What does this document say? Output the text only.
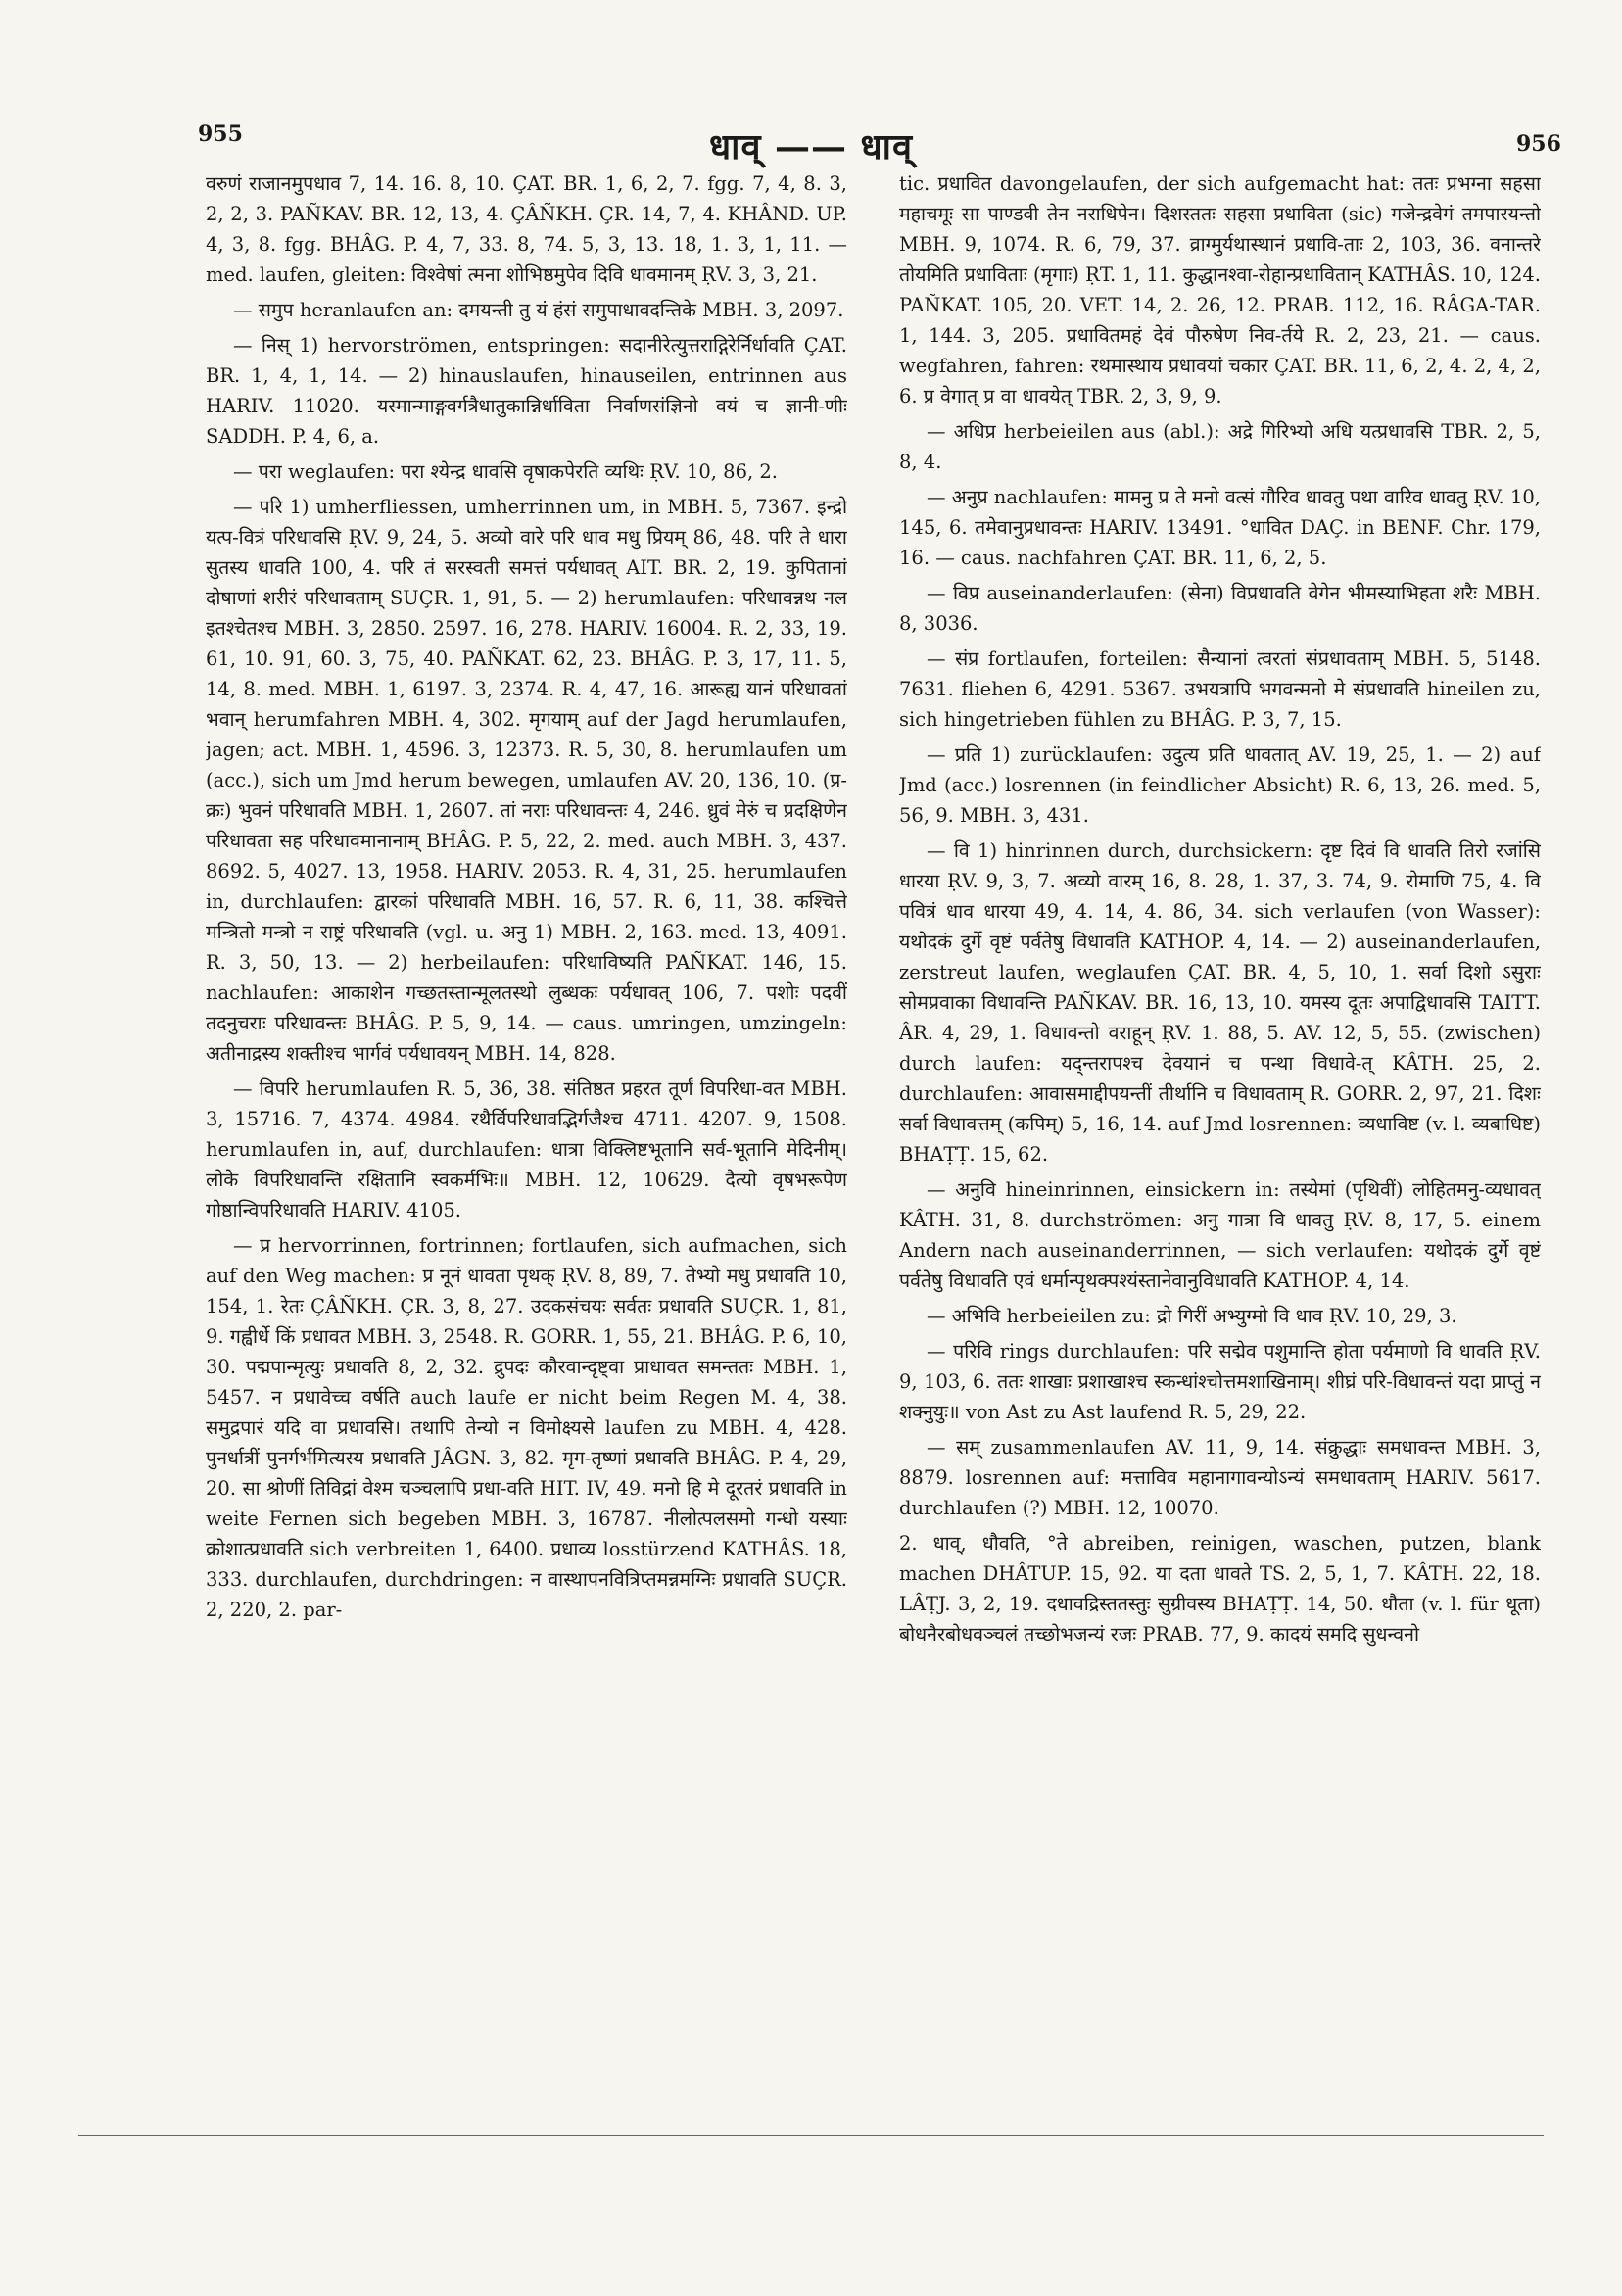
955	धाव् —— धाव्	956

वरुणं राजानमुपधाव 7, 14. 16. 8, 10. ÇAT. BR. 1, 6, 2, 7. fgg. 7, 4, 8. 3, 2, 2, 3. PAÑKAV. BR. 12, 13, 4. ÇÂÑKH. ÇR. 14, 7, 4. KHÂND. UP. 4, 3, 8. fgg. BHÂG. P. 4, 7, 33. 8, 74. 5, 3, 13. 18, 1. 3, 1, 11. — med. laufen, gleiten: विश्वेषां त्मना शोभिष्ठमुपेव दिवि धावमानम् ṚV. 3, 3, 21.

— समुप heranlaufen an: दमयन्ती तु यं हंसं समुपाधावदन्तिके MBH. 3, 2097.

— निस् 1) hervorströmen, entspringen: सदानीरेत्युत्तराद्गिरेर्निर्धावति ÇAT. BR. 1, 4, 1, 14. — 2) hinauslaufen, hinauseilen, entrinnen aus HARIV. 11020. यस्मान्माङ्गवर्गत्रैधातुकान्निर्धाविता निर्वाणसंज्ञिनो वयं च ज्ञानी-णीः SADDH. P. 4, 6, a.

— परा weglaufen: परा श्येन्द्र धावसि वृषाकपेरति व्यथिः ṚV. 10, 86, 2.

— परि 1) umherfliessen, umherrinnen um, in MBH. 5, 7367. इन्द्रो यत्प-वित्रं परिधावसि ṚV. 9, 24, 5. अव्यो वारे परि धाव मधु प्रियम् 86, 48. परि ते धारा सुतस्य धावति 100, 4. परि तं सरस्वती समत्तं पर्यधावत् AIT. BR. 2, 19. कुपितानां दोषाणां शरीरं परिधावताम् SUÇR. 1, 91, 5. — 2) herumlaufen: परिधावन्नथ नल इतश्चेतश्च MBH. 3, 2850. 2597. 16, 278. HARIV. 16004. R. 2, 33, 19. 61, 10. 91, 60. 3, 75, 40. PAÑKAT. 62, 23. BHÂG. P. 3, 17, 11. 5, 14, 8. med. MBH. 1, 6197. 3, 2374. R. 4, 47, 16. आरूह्य यानं परिधावतां भवान् herumfahren MBH. 4, 302. मृगयाम् auf der Jagd herumlaufen, jagen; act. MBH. 1, 4596. 3, 12373. R. 5, 30, 8. herumlaufen um (acc.), sich um Jmd herum bewegen, umlaufen AV. 20, 136, 10. (प्र-क्रः) भुवनं परिधावति MBH. 1, 2607. तां नराः परिधावन्तः 4, 246. ध्रुवं मेरुं च प्रदक्षिणेन परिधावता सह परिधावमानानाम् BHÂG. P. 5, 22, 2. med. auch MBH. 3, 437. 8692. 5, 4027. 13, 1958. HARIV. 2053. R. 4, 31, 25. herumlaufen in, durchlaufen: द्वारकां परिधावति MBH. 16, 57. R. 6, 11, 38. कश्चित्ते मन्त्रितो मन्त्रो न राष्ट्रं परिधावति (vgl. u. अनु 1) MBH. 2, 163. med. 13, 4091. R. 3, 50, 13. — 2) herbeilaufen: परिधाविष्यति PAÑKAT. 146, 15. nachlaufen: आकाशेन गच्छतस्तान्मूलतस्थो लुब्धकः पर्यधावत् 106, 7. पशोः पदवीं तदनुचराः परिधावन्तः BHÂG. P. 5, 9, 14. — caus. umringen, umzingeln: अतीनाद्रस्य शक्तीश्च भार्गवं पर्यधावयन् MBH. 14, 828.

— विपरि herumlaufen R. 5, 36, 38. संतिष्ठत प्रहरत तूर्णं विपरिधा-वत MBH. 3, 15716. 7, 4374. 4984. रथैर्विपरिधावद्भिर्गजैश्च 4711. 4207. 9, 1508. herumlaufen in, auf, durchlaufen: धात्रा विक्लिष्टभूतानि सर्व-भूतानि मेदिनीम्। लोके विपरिधावन्ति रक्षितानि स्वकर्मभिः॥ MBH. 12, 10629. दैत्यो वृषभरूपेण गोष्ठान्विपरिधावति HARIV. 4105.

— प्र hervorrinnen, fortrinnen; fortlaufen, sich aufmachen, sich auf den Weg machen: प्र नूनं धावता पृथक् ṚV. 8, 89, 7. तेभ्यो मधु प्रधावति 10, 154, 1. रेतः ÇÂÑKH. ÇR. 3, 8, 27. उदकसंचयः सर्वतः प्रधावति SUÇR. 1, 81, 9. गह्वीर्धे किं प्रधावत MBH. 3, 2548. R. GORR. 1, 55, 21. BHÂG. P. 6, 10, 30. पद्मपान्मृत्युः प्रधावति 8, 2, 32. द्रुपदः कौरवान्दृष्ट्वा प्राधावत समन्ततः MBH. 1, 5457. न प्रधावेच्च वर्षति auch laufe er nicht beim Regen M. 4, 38. समुद्रपारं यदि वा प्रधावसि। तथापि तेन्यो न विमोक्ष्यसे laufen zu MBH. 4, 428. पुनर्धात्रीं पुनर्गर्भमित्यस्य प्रधावति JÂGN. 3, 82. मृग-तृष्णां प्रधावति BHÂG. P. 4, 29, 20. सा श्रोणीं तिविद्रां वेश्म चञ्चलापि प्रधा-वति HIT. IV, 49. मनो हि मे दूरतरं प्रधावति in weite Fernen sich begeben MBH. 3, 16787. नीलोत्पलसमो गन्धो यस्याः क्रोशात्प्रधावति sich verbreiten 1, 6400. प्रधाव्य losstürzend KATHÂS. 18, 333. durchlaufen, durchdringen: न वास्थापनवित्रिप्तमन्नमग्निः प्रधावति SUÇR. 2, 220, 2. par-

tic. प्रधावित davongelaufen, der sich aufgemacht hat: ततः प्रभग्ना सहसा महाचमूः सा पाण्डवी तेन नराधिपेन। दिशस्ततः सहसा प्रधाविता (sic) गजेन्द्रवेगं तमपारयन्तो MBH. 9, 1074. R. 6, 79, 37. व्राग्मुर्यथास्थानं प्रधावि-ताः 2, 103, 36. वनान्तरे तोयमिति प्रधाविताः (मृगाः) ṚT. 1, 11. कुद्धानश्वा-रोहान्प्रधावितान् KATHÂS. 10, 124. PAÑKAT. 105, 20. VET. 14, 2. 26, 12. PRAB. 112, 16. RÂGA-TAR. 1, 144. 3, 205. प्रधावितमहं देवं पौरुषेण निव-र्तये R. 2, 23, 21. — caus. wegfahren, fahren: रथमास्थाय प्रधावयां चकार ÇAT. BR. 11, 6, 2, 4. 2, 4, 2, 6. प्र वेगात् प्र वा धावयेत् TBR. 2, 3, 9, 9.

— अधिप्र herbeieilen aus (abl.): अद्रे गिरिभ्यो अधि यत्प्रधावसि TBR. 2, 5, 8, 4.

— अनुप्र nachlaufen: मामनु प्र ते मनो वत्सं गौरिव धावतु पथा वारिव धावतु ṚV. 10, 145, 6. तमेवानुप्रधावन्तः HARIV. 13491. °धावित DAÇ. in BENF. Chr. 179, 16. — caus. nachfahren ÇAT. BR. 11, 6, 2, 5.

— विप्र auseinanderlaufen: (सेना) विप्रधावति वेगेन भीमस्याभिहता शरैः MBH. 8, 3036.

— संप्र fortlaufen, forteilen: सैन्यानां त्वरतां संप्रधावताम् MBH. 5, 5148. 7631. fliehen 6, 4291. 5367. उभयत्रापि भगवन्मनो मे संप्रधावति hineilen zu, sich hingetrieben fühlen zu BHÂG. P. 3, 7, 15.

— प्रति 1) zurücklaufen: उदुत्य प्रति धावतात् AV. 19, 25, 1. — 2) auf Jmd (acc.) losrennen (in feindlicher Absicht) R. 6, 13, 26. med. 5, 56, 9. MBH. 3, 431.

— वि 1) hinrinnen durch, durchsickern: दृष्ट दिवं वि धावति तिरो रजांसि धारया ṚV. 9, 3, 7. अव्यो वारम् 16, 8. 28, 1. 37, 3. 74, 9. रोमाणि 75, 4. वि पवित्रं धाव धारया 49, 4. 14, 4. 86, 34. sich verlaufen (von Wasser): यथोदकं दुर्गे वृष्टं पर्वतेषु विधावति KATHOP. 4, 14. — 2) auseinanderlaufen, zerstreut laufen, weglaufen ÇAT. BR. 4, 5, 10, 1. सर्वा दिशो ऽसुराः सोमप्रवाका विधावन्ति PAÑKAV. BR. 16, 13, 10. यमस्य दूतः अपाद्विधावसि TAITT. ÂR. 4, 29, 1. विधावन्तो वराहून् ṚV. 1. 88, 5. AV. 12, 5, 55. (zwischen) durch laufen: यद्न्तरापश्च देवयानं च पन्था विधावे-त् KÂTH. 25, 2. durchlaufen: आवासमाद्दीपयन्तीं तीर्थानि च विधावताम् R. GORR. 2, 97, 21. दिशः सर्वा विधावत्तम् (कपिम्) 5, 16, 14. auf Jmd losrennen: व्यधाविष्ट (v. l. व्यबाधिष्ट) BHAṬṬ. 15, 62.

— अनुवि hineinrinnen, einsickern in: तस्येमां (पृथिवीं) लोहितमनु-व्यधावत् KÂTH. 31, 8. durchströmen: अनु गात्रा वि धावतु ṚV. 8, 17, 5. einem Andern nach auseinanderrinnen, — sich verlaufen: यथोदकं दुर्गे वृष्टं पर्वतेषु विधावति एवं धर्मान्पृथक्पश्यंस्तानेवानुविधावति KATHOP. 4, 14.

— अभिवि herbeieilen zu: द्रो गिरीं अभ्युग्मो वि धाव ṚV. 10, 29, 3.

— परिवि rings durchlaufen: परि सद्मेव पशुमान्ति होता पर्यमाणो वि धावति ṚV. 9, 103, 6. ततः शाखाः प्रशाखाश्च स्कन्धांश्चोत्तमशाखिनाम्। शीघ्रं परि-विधावन्तं यदा प्राप्तुं न शक्नुयुः॥ von Ast zu Ast laufend R. 5, 29, 22.

— सम् zusammenlaufen AV. 11, 9, 14. संक्रुद्धाः समधावन्त MBH. 3, 8879. losrennen auf: मत्ताविव महानागावन्योऽन्यं समधावताम् HARIV. 5617. durchlaufen (?) MBH. 12, 10070.

2. धाव्, धौवति, °ते abreiben, reinigen, waschen, putzen, blank machen DHÂTUP. 15, 92. या दता धावते TS. 2, 5, 1, 7. KÂTH. 22, 18. LÂṬJ. 3, 2, 19. दधावद्रिस्ततस्तुः सुग्रीवस्य BHAṬṬ. 14, 50. धौता (v. l. für धूता) बोधनैरबोधवञ्चलं तच्छोभजन्यं रजः PRAB. 77, 9. कादयं समदि सुधन्वनो
